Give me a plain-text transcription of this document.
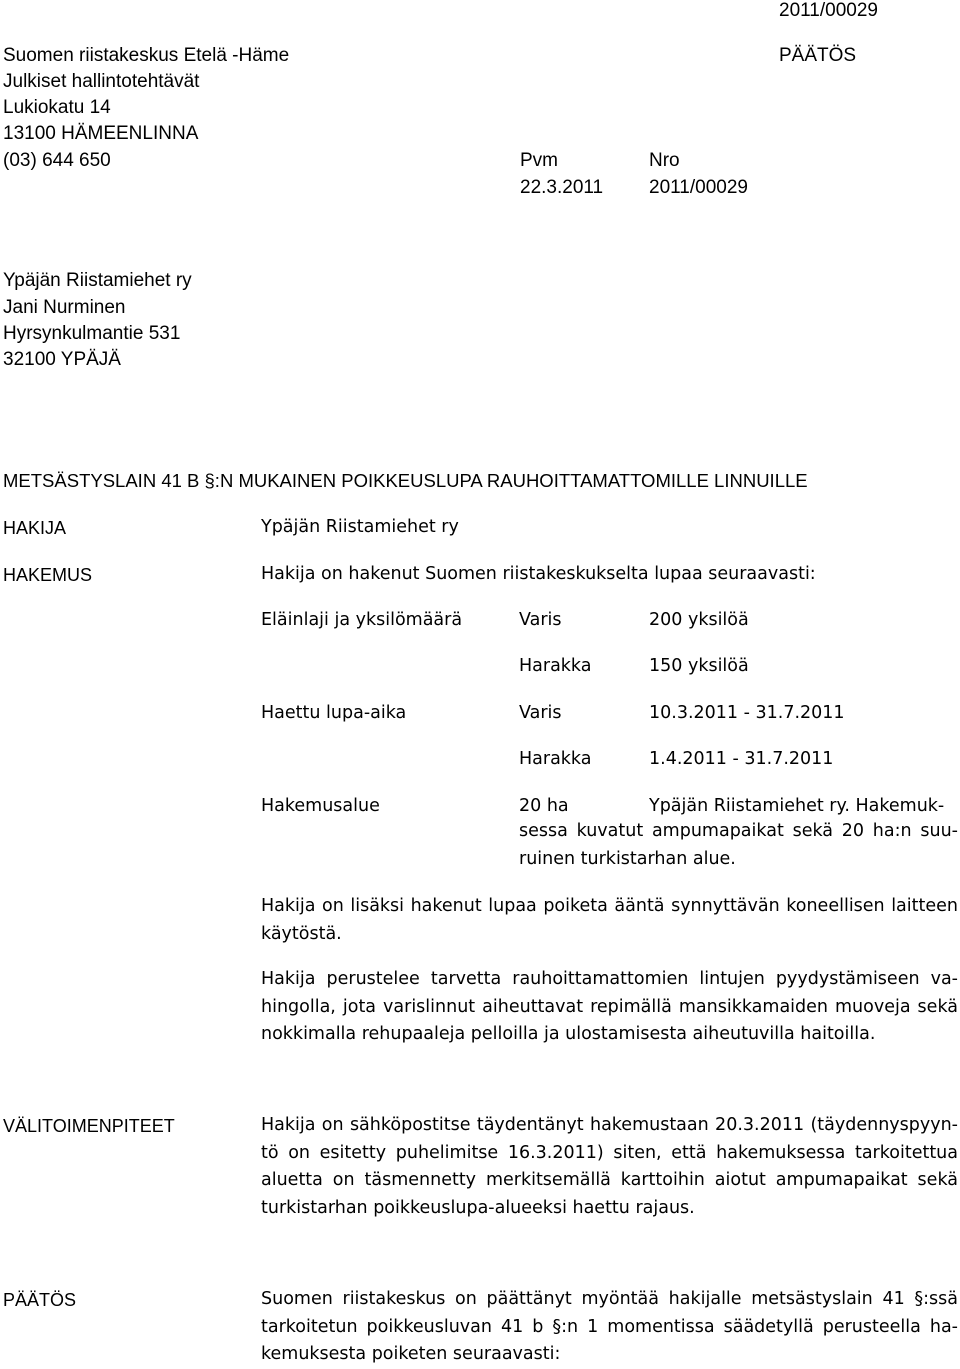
2011/00029
PÄÄTÖS
Suomen riistakeskus Etelä -Häme
Julkiset hallintotehtävät
Lukiokatu 14
13100 HÄMEENLINNA
(03) 644 650	Pvm
22.3.2011
Nro
2011/00029
Ypäjän Riistamiehet ry
Jani Nurminen
Hyrsynkulmantie 531
32100 YPÄJÄ
METSÄSTYSLAIN 41 B §:N MUKAINEN POIKKEUSLUPA RAUHOITTAMATTOMILLE LINNUILLE
HAKIJA	Ypäjän Riistamiehet ry
HAKEMUS	Hakija on hakenut Suomen riistakeskukselta lupaa seuraavasti:
Eläinlaji ja yksilömäärä	Varis	200 yksilöä
Harakka	150 yksilöä
Haettu lupa-aika	Varis	10.3.2011 - 31.7.2011
Harakka	1.4.2011 - 31.7.2011
Hakemusalue	20 ha	Ypäjän Riistamiehet ry. Hakemuk-
sessa kuvatut ampumapaikat sekä 20 ha:n suu-
ruinen turkistarhan alue.
Hakija on lisäksi hakenut lupaa poiketa ääntä synnyttävän koneellisen laitteen
käytöstä.
Hakija perustelee tarvetta rauhoittamattomien lintujen pyydystämiseen va-
hingolla, jota varislinnut aiheuttavat repimällä mansikkamaiden muoveja sekä
nokkimalla rehupaaleja pelloilla ja ulostamisesta aiheutuvilla haitoilla.
VÄLITOIMENPITEET	Hakija on sähköpostitse täydentänyt hakemustaan 20.3.2011 (täydennyspyyn-
tö on esitetty puhelimitse 16.3.2011) siten, että hakemuksessa tarkoitettua
aluetta on täsmennetty merkitsemällä karttoihin aiotut ampumapaikat sekä
turkistarhan poikkeuslupa-alueeksi haettu rajaus.
PÄÄTÖS	Suomen riistakeskus on päättänyt myöntää hakijalle metsästyslain 41 §:ssä
tarkoitetun poikkeusluvan 41 b §:n 1 momentissa säädetyllä perusteella ha-
kemuksesta poiketen seuraavasti:
